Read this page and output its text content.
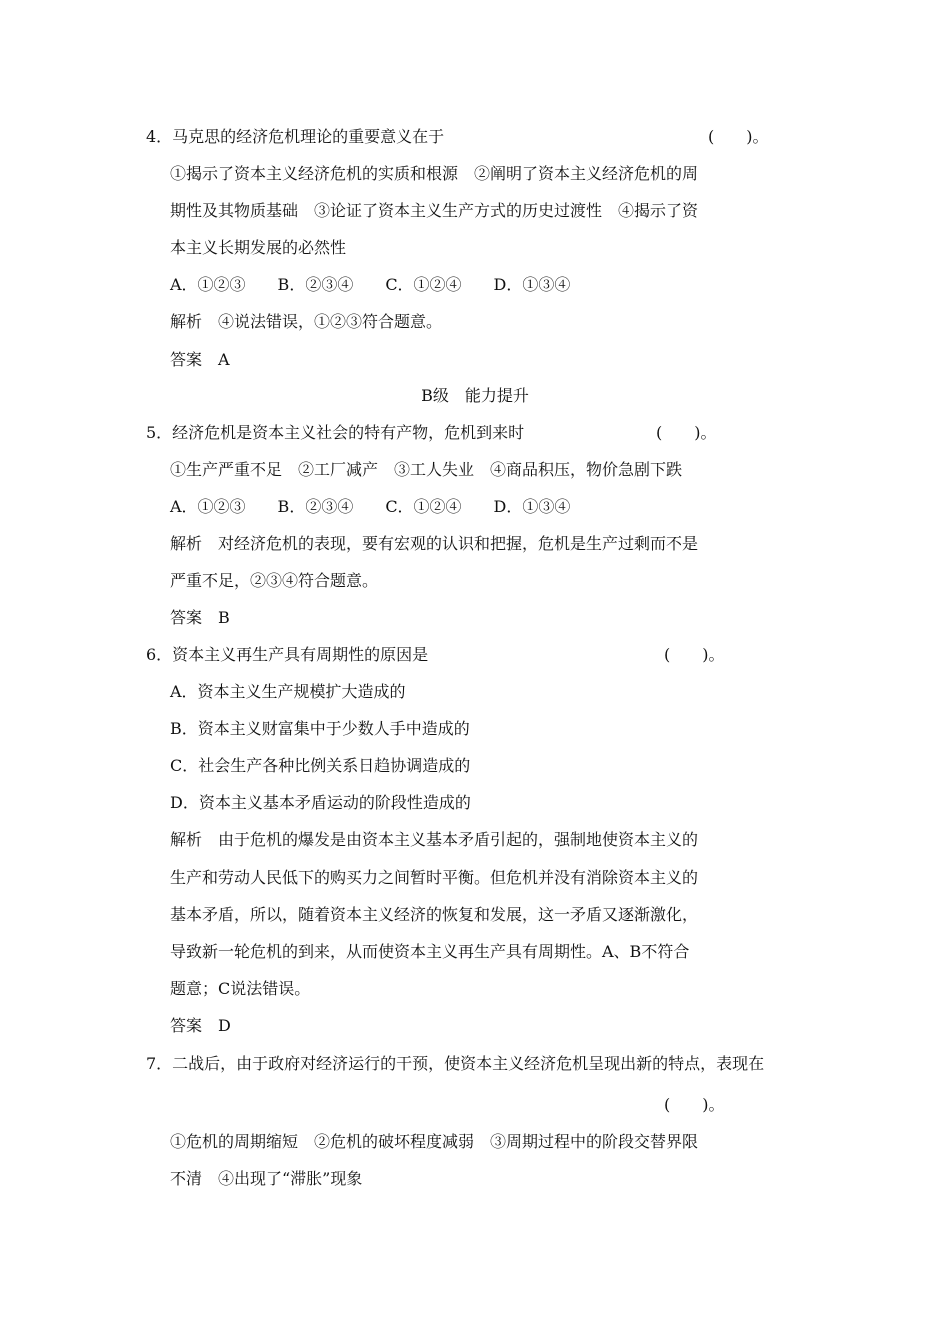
4．马克思的经济危机理论的重要意义在于	(　　)。
①揭示了资本主义经济危机的实质和根源　②阐明了资本主义经济危机的周
期性及其物质基础　③论证了资本主义生产方式的历史过渡性　④揭示了资
本主义长期发展的必然性
A．①②③　　B．②③④　　C．①②④　　D．①③④
解析　④说法错误，①②③符合题意。
答案　A
B级　能力提升
5．经济危机是资本主义社会的特有产物，危机到来时	(　　)。
①生产严重不足　②工厂减产　③工人失业　④商品积压，物价急剧下跌
A．①②③　　B．②③④　　C．①②④　　D．①③④
解析　对经济危机的表现，要有宏观的认识和把握，危机是生产过剩而不是
严重不足，②③④符合题意。
答案　B
6．资本主义再生产具有周期性的原因是	(　　)。
A．资本主义生产规模扩大造成的
B．资本主义财富集中于少数人手中造成的
C．社会生产各种比例关系日趋协调造成的
D．资本主义基本矛盾运动的阶段性造成的
解析　由于危机的爆发是由资本主义基本矛盾引起的，强制地使资本主义的
生产和劳动人民低下的购买力之间暂时平衡。但危机并没有消除资本主义的
基本矛盾，所以，随着资本主义经济的恢复和发展，这一矛盾又逐渐激化，
导致新一轮危机的到来，从而使资本主义再生产具有周期性。A、B不符合
题意；C说法错误。
答案　D
7．二战后，由于政府对经济运行的干预，使资本主义经济危机呈现出新的特点，表现在
(　　)。
①危机的周期缩短　②危机的破坏程度减弱　③周期过程中的阶段交替界限
不清　④出现了“滞胀”现象
